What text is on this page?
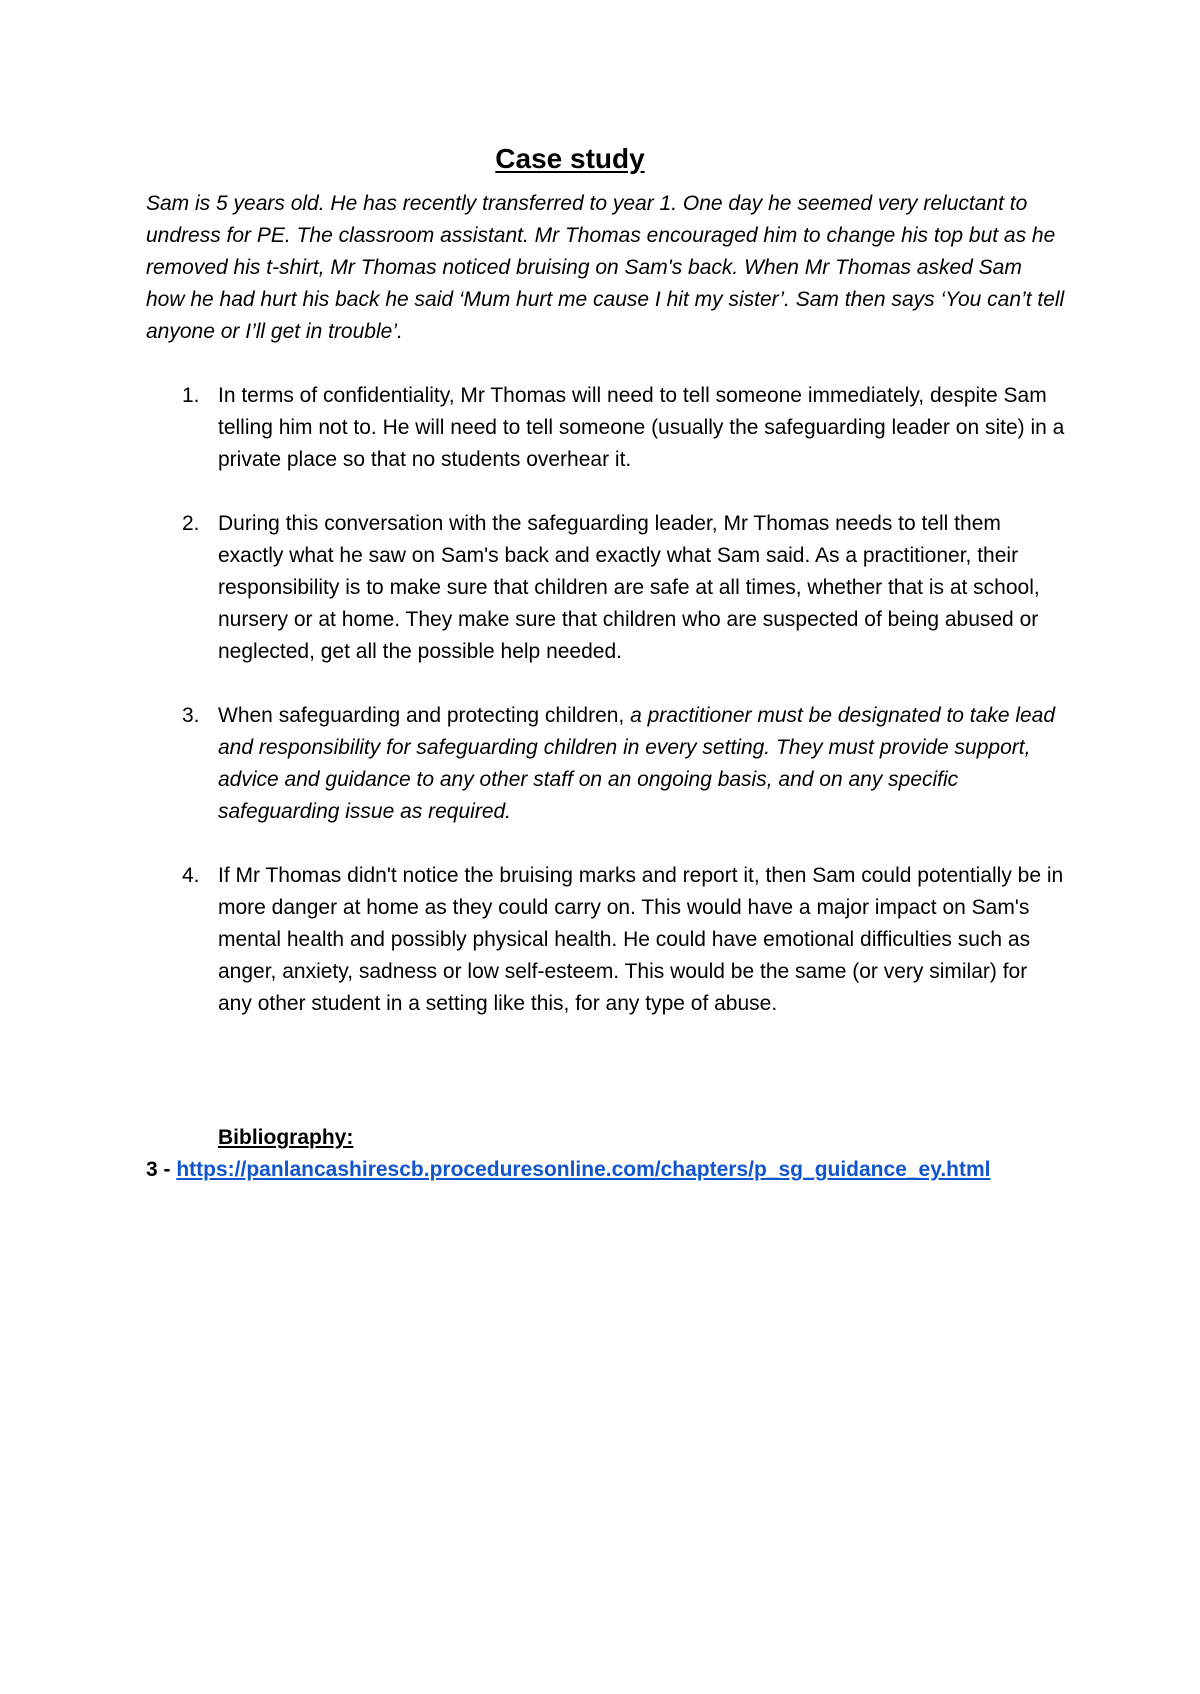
Case study

Sam is 5 years old. He has recently transferred to year 1. One day he seemed very reluctant to undress for PE. The classroom assistant. Mr Thomas encouraged him to change his top but as he removed his t-shirt, Mr Thomas noticed bruising on Sam's back. When Mr Thomas asked Sam how he had hurt his back he said ‘Mum hurt me cause I hit my sister’. Sam then says ‘You can’t tell anyone or I’ll get in trouble’.

1. In terms of confidentiality, Mr Thomas will need to tell someone immediately, despite Sam telling him not to. He will need to tell someone (usually the safeguarding leader on site) in a private place so that no students overhear it.
2. During this conversation with the safeguarding leader, Mr Thomas needs to tell them exactly what he saw on Sam's back and exactly what Sam said. As a practitioner, their responsibility is to make sure that children are safe at all times, whether that is at school, nursery or at home. They make sure that children who are suspected of being abused or neglected, get all the possible help needed.
3. When safeguarding and protecting children, a practitioner must be designated to take lead and responsibility for safeguarding children in every setting. They must provide support, advice and guidance to any other staff on an ongoing basis, and on any specific safeguarding issue as required.
4. If Mr Thomas didn't notice the bruising marks and report it, then Sam could potentially be in more danger at home as they could carry on. This would have a major impact on Sam's mental health and possibly physical health. He could have emotional difficulties such as anger, anxiety, sadness or low self-esteem. This would be the same (or very similar) for any other student in a setting like this, for any type of abuse.

Bibliography:

3 - https://panlancashirescb.proceduresonline.com/chapters/p_sg_guidance_ey.html
